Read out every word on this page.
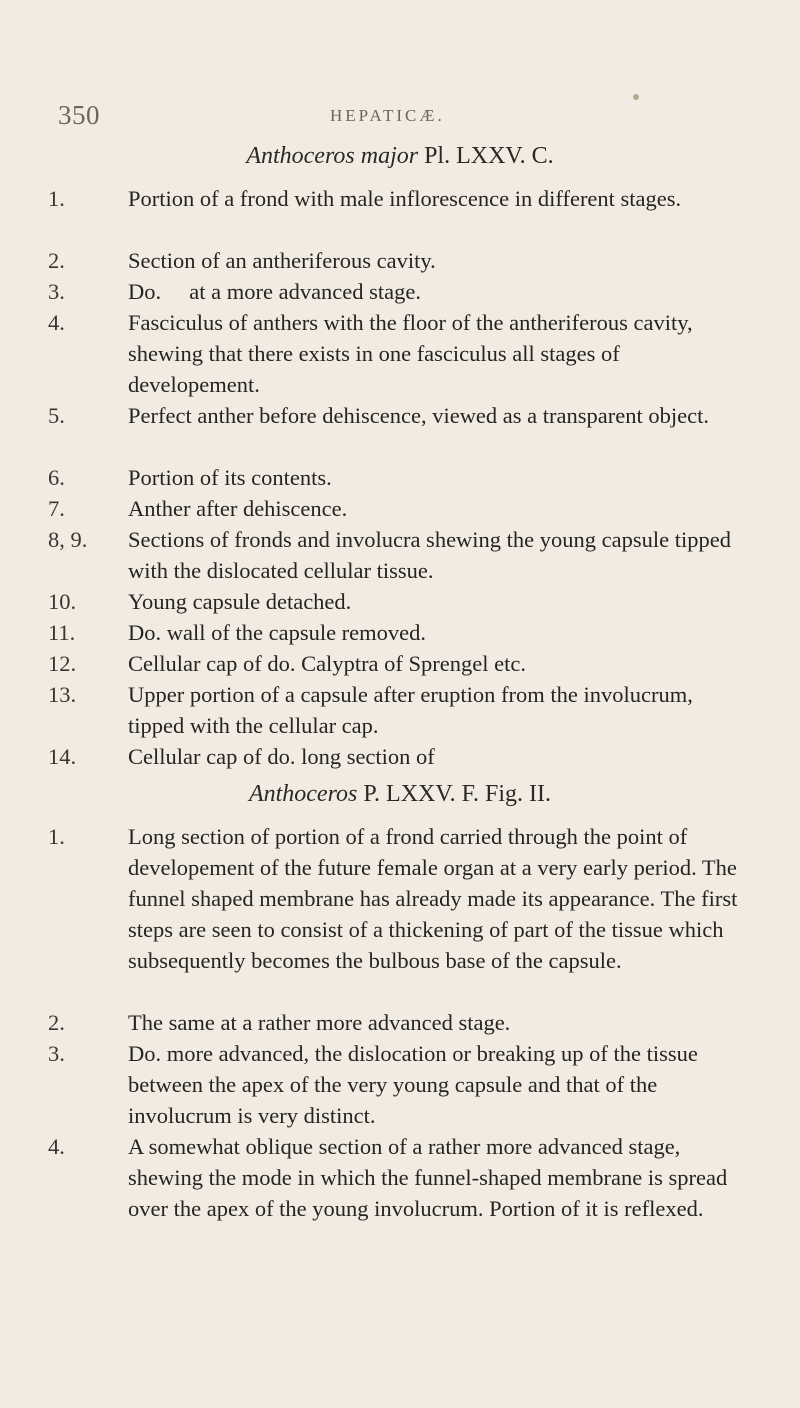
350	HEPATICÆ.
Anthoceros major Pl. LXXV. C.
1.	Portion of a frond with male inflorescence in different stages.
2.	Section of an antheriferous cavity.
3.	Do.     at a more advanced stage.
4.	Fasciculus of anthers with the floor of the antheriferous cavity, shewing that there exists in one fasciculus all stages of developement.
5.	Perfect anther before dehiscence, viewed as a transparent object.
6.	Portion of its contents.
7.	Anther after dehiscence.
8, 9.	Sections of fronds and involucra shewing the young capsule tipped with the dislocated cellular tissue.
10.	Young capsule detached.
11.	Do. wall of the capsule removed.
12.	Cellular cap of do. Calyptra of Sprengel etc.
13.	Upper portion of a capsule after eruption from the involucrum, tipped with the cellular cap.
14.	Cellular cap of do. long section of
Anthoceros P. LXXV. F. Fig. II.
1.	Long section of portion of a frond carried through the point of developement of the future female organ at a very early period. The funnel shaped membrane has already made its appearance. The first steps are seen to consist of a thickening of part of the tissue which subsequently becomes the bulbous base of the capsule.
2.	The same at a rather more advanced stage.
3.	Do. more advanced, the dislocation or breaking up of the tissue between the apex of the very young capsule and that of the involucrum is very distinct.
4.	A somewhat oblique section of a rather more advanced stage, shewing the mode in which the funnel-shaped membrane is spread over the apex of the young involucrum. Portion of it is reflexed.
